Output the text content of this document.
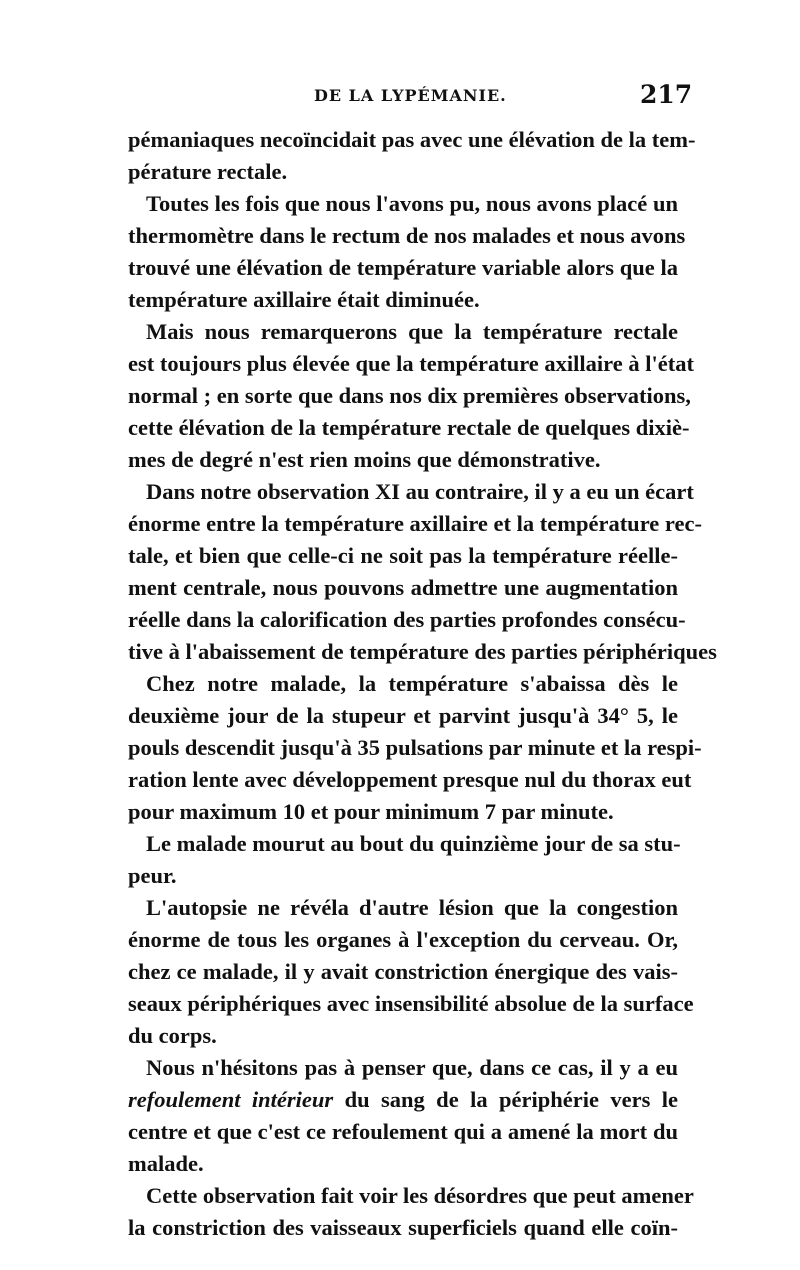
DE LA LYPÉMANIE.	217
pémaniaques necoïncidait pas avec une élévation de la tem-
pérature rectale.
Toutes les fois que nous l'avons pu, nous avons placé un
thermomètre dans le rectum de nos malades et nous avons
trouvé une élévation de température variable alors que la
température axillaire était diminuée.
Mais nous remarquerons que la température rectale
est toujours plus élevée que la température axillaire à l'état
normal ; en sorte que dans nos dix premières observations,
cette élévation de la température rectale de quelques dixiè-
mes de degré n'est rien moins que démonstrative.
Dans notre observation XI au contraire, il y a eu un écart
énorme entre la température axillaire et la température rec-
tale, et bien que celle-ci ne soit pas la température réelle-
ment centrale, nous pouvons admettre une augmentation
réelle dans la calorification des parties profondes consécu-
tive à l'abaissement de température des parties périphériques
Chez notre malade, la température s'abaissa dès le
deuxième jour de la stupeur et parvint jusqu'à 34° 5, le
pouls descendit jusqu'à 35 pulsations par minute et la respi-
ration lente avec développement presque nul du thorax eut
pour maximum 10 et pour minimum 7 par minute.
Le malade mourut au bout du quinzième jour de sa stu-
peur.
L'autopsie ne révéla d'autre lésion que la congestion
énorme de tous les organes à l'exception du cerveau. Or,
chez ce malade, il y avait constriction énergique des vais-
seaux périphériques avec insensibilité absolue de la surface
du corps.
Nous n'hésitons pas à penser que, dans ce cas, il y a eu
refoulement intérieur du sang de la périphérie vers le
centre et que c'est ce refoulement qui a amené la mort du
malade.
Cette observation fait voir les désordres que peut amener
la constriction des vaisseaux superficiels quand elle coïn-
